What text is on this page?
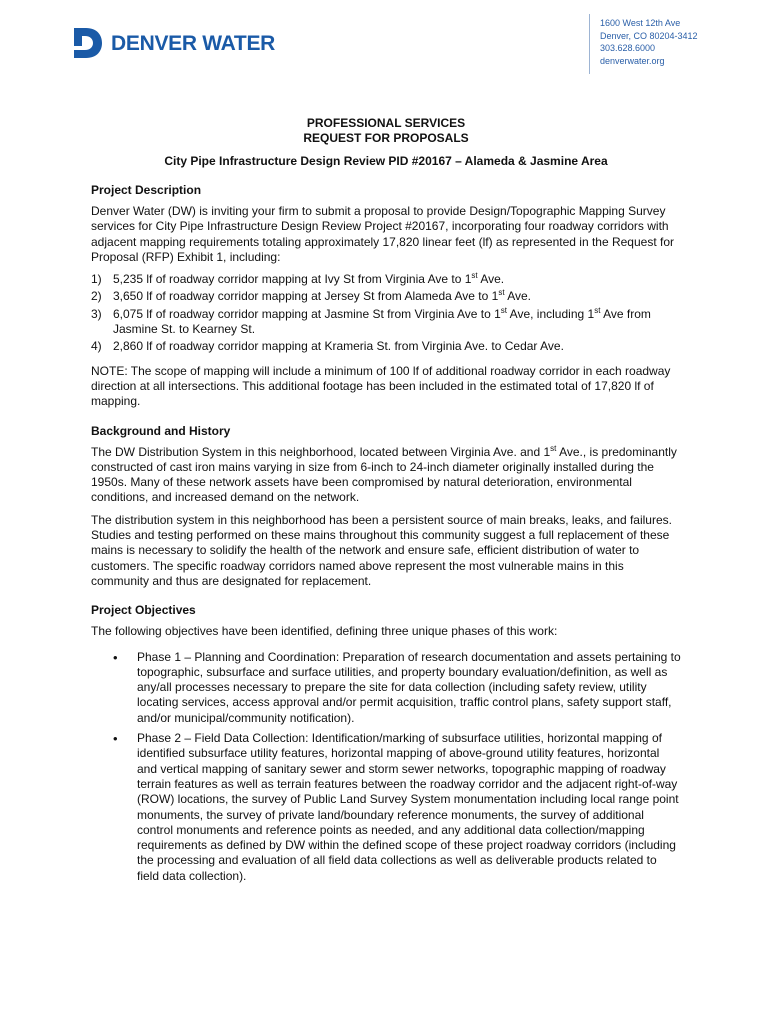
DENVER WATER
1600 West 12th Ave
Denver, CO 80204-3412
303.628.6000
denverwater.org
PROFESSIONAL SERVICES
REQUEST FOR PROPOSALS
City Pipe Infrastructure Design Review PID #20167 – Alameda & Jasmine Area
Project Description

Denver Water (DW) is inviting your firm to submit a proposal to provide Design/Topographic Mapping Survey services for City Pipe Infrastructure Design Review Project #20167, incorporating four roadway corridors with adjacent mapping requirements totaling approximately 17,820 linear feet (lf) as represented in the Request for Proposal (RFP) Exhibit 1, including:

1) 5,235 lf of roadway corridor mapping at Ivy St from Virginia Ave to 1st Ave.
2) 3,650 lf of roadway corridor mapping at Jersey St from Alameda Ave to 1st Ave.
3) 6,075 lf of roadway corridor mapping at Jasmine St from Virginia Ave to 1st Ave, including 1st Ave from Jasmine St. to Kearney St.
4) 2,860 lf of roadway corridor mapping at Krameria St. from Virginia Ave. to Cedar Ave.

NOTE: The scope of mapping will include a minimum of 100 lf of additional roadway corridor in each roadway direction at all intersections. This additional footage has been included in the estimated total of 17,820 lf of mapping.

Background and History

The DW Distribution System in this neighborhood, located between Virginia Ave. and 1st Ave., is predominantly constructed of cast iron mains varying in size from 6-inch to 24-inch diameter originally installed during the 1950s. Many of these network assets have been compromised by natural deterioration, environmental conditions, and increased demand on the network.

The distribution system in this neighborhood has been a persistent source of main breaks, leaks, and failures. Studies and testing performed on these mains throughout this community suggest a full replacement of these mains is necessary to solidify the health of the network and ensure safe, efficient distribution of water to customers. The specific roadway corridors named above represent the most vulnerable mains in this community and thus are designated for replacement.

Project Objectives

The following objectives have been identified, defining three unique phases of this work:

•	Phase 1 – Planning and Coordination: Preparation of research documentation and assets pertaining to topographic, subsurface and surface utilities, and property boundary evaluation/definition, as well as any/all processes necessary to prepare the site for data collection (including safety review, utility locating services, access approval and/or permit acquisition, traffic control plans, safety support staff, and/or municipal/community notification).
•	Phase 2 – Field Data Collection: Identification/marking of subsurface utilities, horizontal mapping of identified subsurface utility features, horizontal mapping of above-ground utility features, horizontal and vertical mapping of sanitary sewer and storm sewer networks, topographic mapping of roadway terrain features as well as terrain features between the roadway corridor and the adjacent right-of-way (ROW) locations, the survey of Public Land Survey System monumentation including local range point monuments, the survey of private land/boundary reference monuments, the survey of additional control monuments and reference points as needed, and any additional data collection/mapping requirements as defined by DW within the defined scope of these project roadway corridors (including the processing and evaluation of all field data collections as well as deliverable products related to field data collection).
